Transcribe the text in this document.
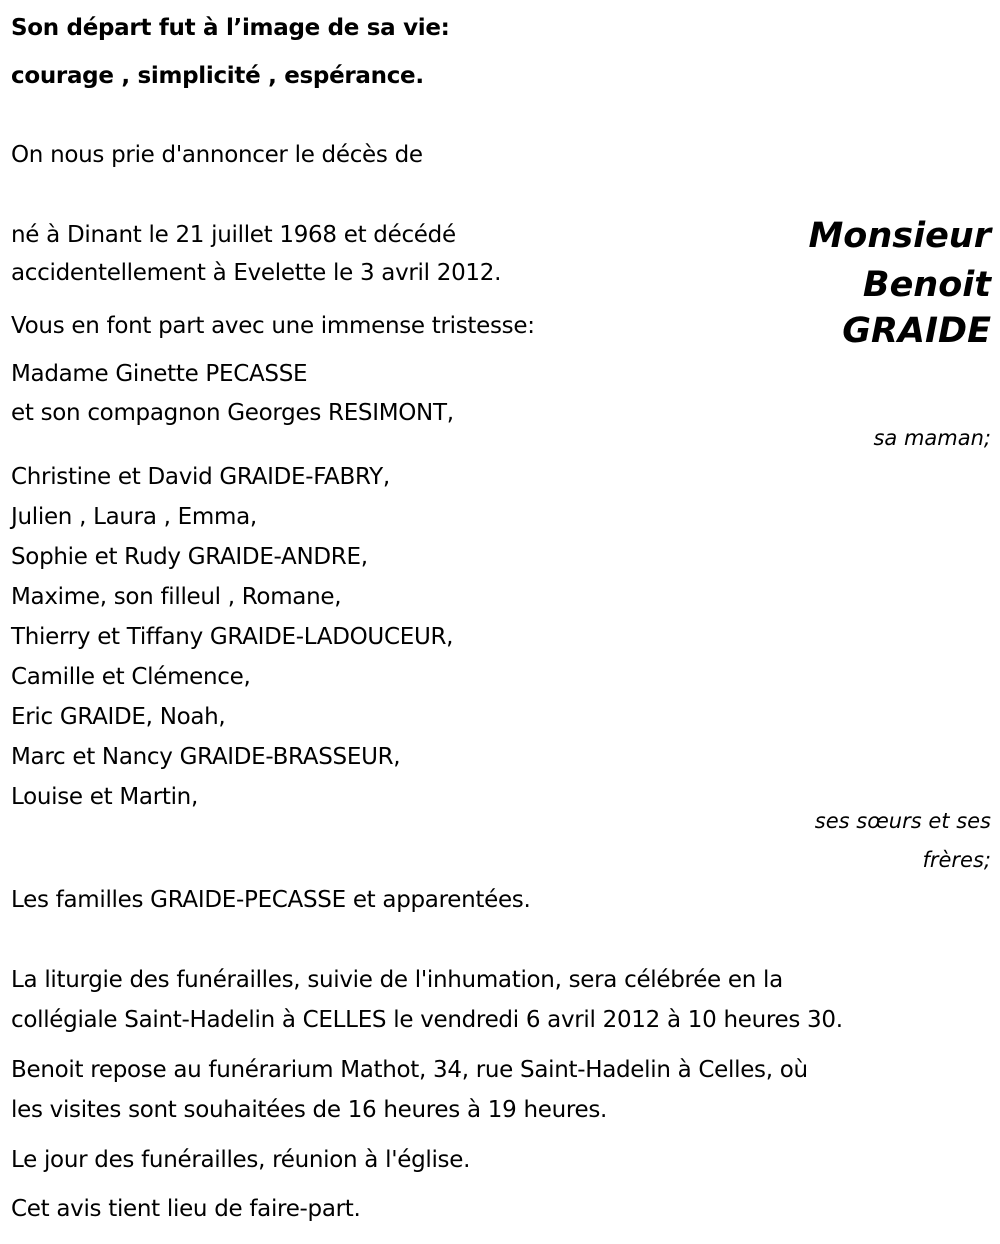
Son départ fut à l’image de sa vie:
courage , simplicité , espérance.
On nous prie d'annoncer le décès de
né à Dinant le 21 juillet 1968 et décédé
accidentellement à Evelette le 3 avril 2012.
Vous en font part avec une immense tristesse:
Madame Ginette PECASSE
et son compagnon Georges RESIMONT,
Monsieur
Benoit
GRAIDE
sa maman;
Christine et David GRAIDE-FABRY,
Julien , Laura , Emma,
Sophie et Rudy GRAIDE-ANDRE,
Maxime, son filleul , Romane,
Thierry et Tiffany GRAIDE-LADOUCEUR,
Camille et Clémence,
Eric GRAIDE, Noah,
Marc et Nancy GRAIDE-BRASSEUR,
Louise et Martin,
ses sœurs et ses
frères;
Les familles GRAIDE-PECASSE et apparentées.
La liturgie des funérailles, suivie de l'inhumation, sera célébrée en la
collégiale Saint-Hadelin à CELLES le vendredi 6 avril 2012 à 10 heures 30.
Benoit repose au funérarium Mathot, 34, rue Saint-Hadelin à Celles, où
les visites sont souhaitées de 16 heures à 19 heures.
Le jour des funérailles, réunion à l'église.
Cet avis tient lieu de faire-part.
